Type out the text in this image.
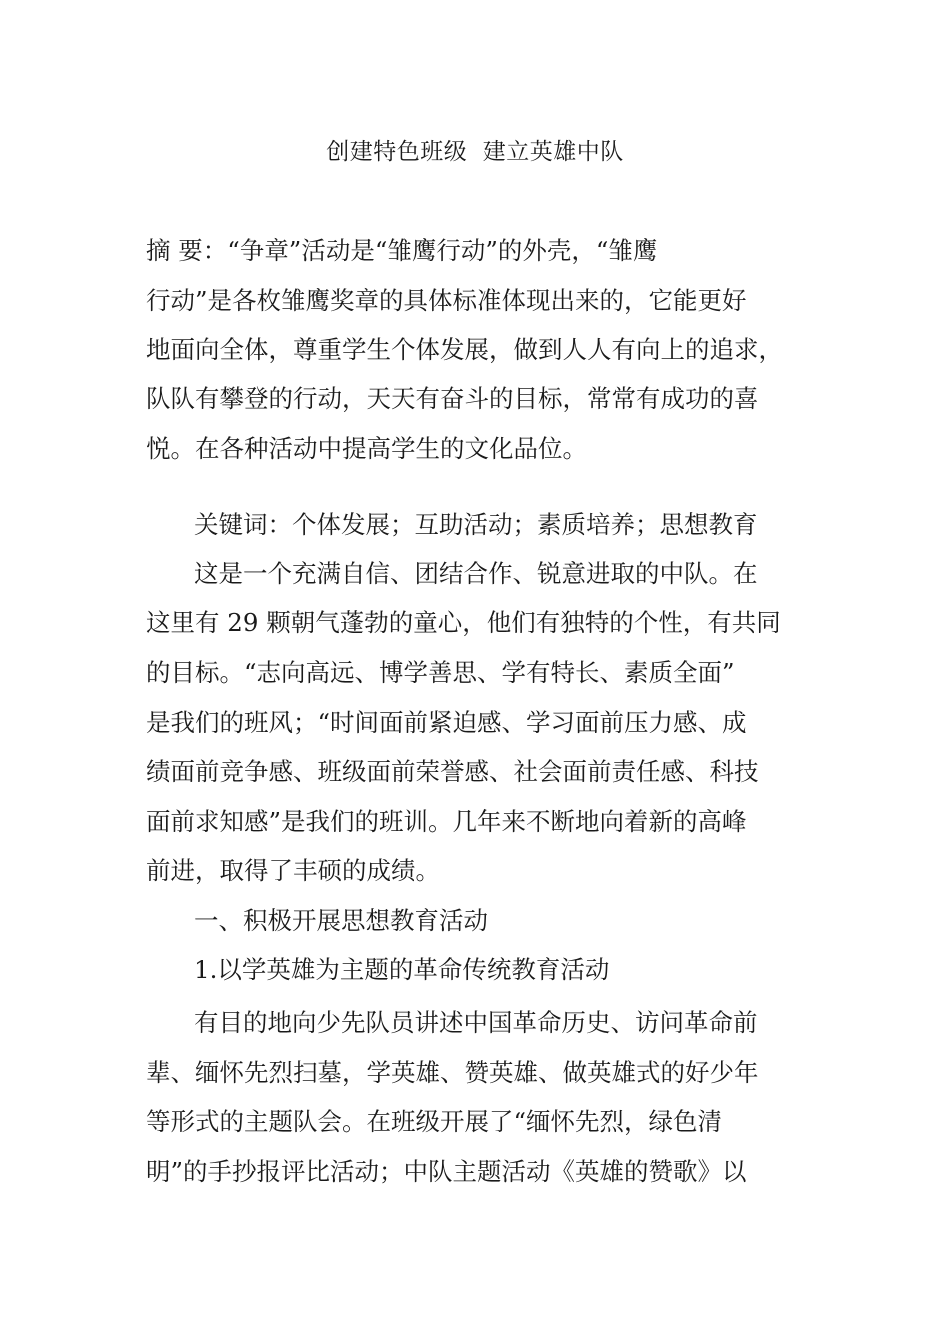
创建特色班级  建立英雄中队
摘 要：“争章”活动是“雏鹰行动”的外壳，“雏鹰
行动”是各枚雏鹰奖章的具体标准体现出来的，它能更好
地面向全体，尊重学生个体发展，做到人人有向上的追求，
队队有攀登的行动，天天有奋斗的目标，常常有成功的喜
悦。在各种活动中提高学生的文化品位。
关键词：个体发展；互助活动；素质培养；思想教育
这是一个充满自信、团结合作、锐意进取的中队。在
这里有 29 颗朝气蓬勃的童心，他们有独特的个性，有共同
的目标。“志向高远、博学善思、学有特长、素质全面”
是我们的班风；“时间面前紧迫感、学习面前压力感、成
绩面前竞争感、班级面前荣誉感、社会面前责任感、科技
面前求知感”是我们的班训。几年来不断地向着新的高峰
前进，取得了丰硕的成绩。
一、积极开展思想教育活动
1.以学英雄为主题的革命传统教育活动
有目的地向少先队员讲述中国革命历史、访问革命前
辈、缅怀先烈扫墓，学英雄、赞英雄、做英雄式的好少年
等形式的主题队会。在班级开展了“缅怀先烈，绿色清
明”的手抄报评比活动；中队主题活动《英雄的赞歌》以
